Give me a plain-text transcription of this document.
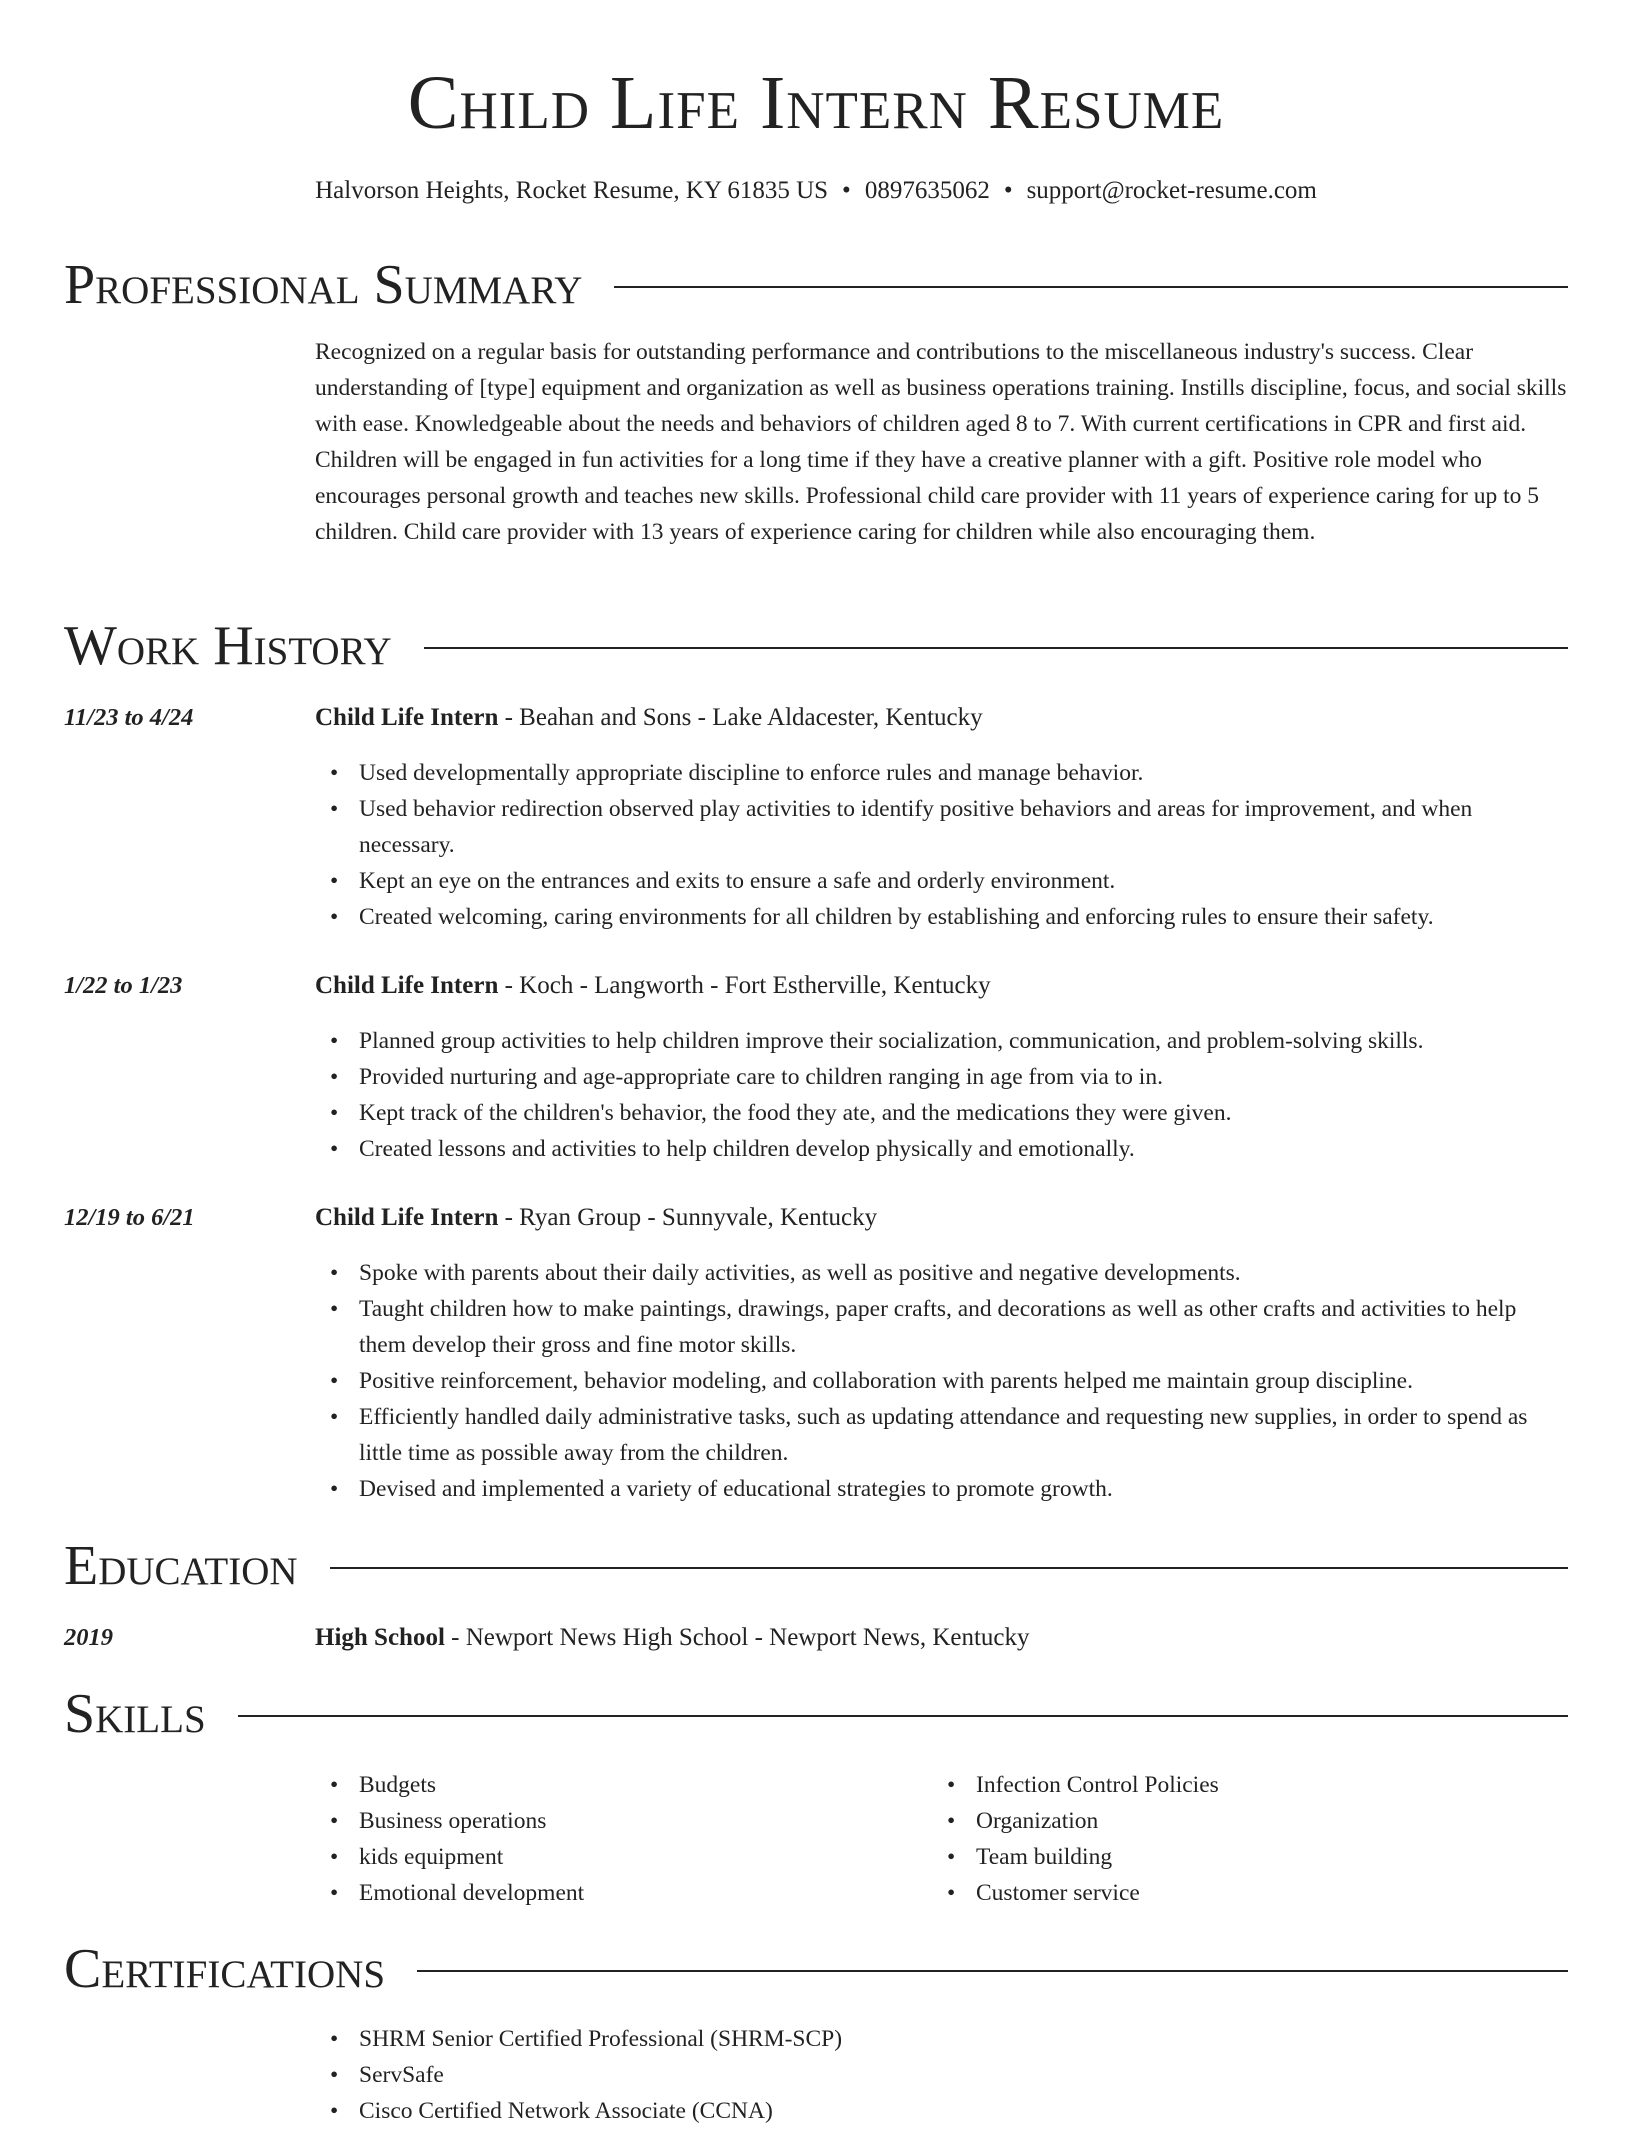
Child Life Intern Resume
Halvorson Heights, Rocket Resume, KY 61835 US • 0897635062 • support@rocket-resume.com
Professional Summary

Recognized on a regular basis for outstanding performance and contributions to the miscellaneous industry's success. Clear understanding of [type] equipment and organization as well as business operations training. Instills discipline, focus, and social skills with ease. Knowledgeable about the needs and behaviors of children aged 8 to 7. With current certifications in CPR and first aid. Children will be engaged in fun activities for a long time if they have a creative planner with a gift. Positive role model who encourages personal growth and teaches new skills. Professional child care provider with 11 years of experience caring for up to 5 children. Child care provider with 13 years of experience caring for children while also encouraging them.

Work History
11/23 to 4/24	Child Life Intern - Beahan and Sons - Lake Aldacester, Kentucky
• Used developmentally appropriate discipline to enforce rules and manage behavior.
• Used behavior redirection observed play activities to identify positive behaviors and areas for improvement, and when necessary.
• Kept an eye on the entrances and exits to ensure a safe and orderly environment.
• Created welcoming, caring environments for all children by establishing and enforcing rules to ensure their safety.
1/22 to 1/23	Child Life Intern - Koch - Langworth - Fort Estherville, Kentucky
• Planned group activities to help children improve their socialization, communication, and problem-solving skills.
• Provided nurturing and age-appropriate care to children ranging in age from via to in.
• Kept track of the children's behavior, the food they ate, and the medications they were given.
• Created lessons and activities to help children develop physically and emotionally.
12/19 to 6/21	Child Life Intern - Ryan Group - Sunnyvale, Kentucky
• Spoke with parents about their daily activities, as well as positive and negative developments.
• Taught children how to make paintings, drawings, paper crafts, and decorations as well as other crafts and activities to help them develop their gross and fine motor skills.
• Positive reinforcement, behavior modeling, and collaboration with parents helped me maintain group discipline.
• Efficiently handled daily administrative tasks, such as updating attendance and requesting new supplies, in order to spend as little time as possible away from the children.
• Devised and implemented a variety of educational strategies to promote growth.
Education
2019	High School - Newport News High School - Newport News, Kentucky
Skills
• Budgets
• Business operations
• kids equipment
• Emotional development
• Infection Control Policies
• Organization
• Team building
• Customer service
Certifications
• SHRM Senior Certified Professional (SHRM-SCP)
• ServSafe
• Cisco Certified Network Associate (CCNA)
